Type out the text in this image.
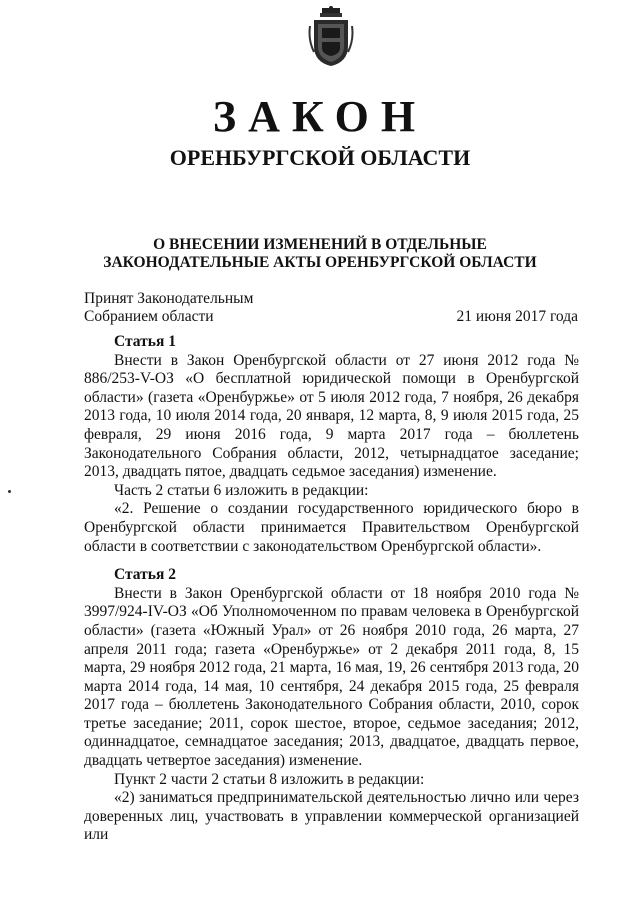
ЗАКОН
ОРЕНБУРГСКОЙ ОБЛАСТИ
О ВНЕСЕНИИ ИЗМЕНЕНИЙ В ОТДЕЛЬНЫЕ
ЗАКОНОДАТЕЛЬНЫЕ АКТЫ ОРЕНБУРГСКОЙ ОБЛАСТИ
Принят Законодательным
Собранием области	21 июня 2017 года

Статья 1

Внести в Закон Оренбургской области от 27 июня 2012 года № 886/253-V-ОЗ «О бесплатной юридической помощи в Оренбургской области» (газета «Оренбуржье» от 5 июля 2012 года, 7 ноября, 26 декабря 2013 года, 10 июля 2014 года, 20 января, 12 марта, 8, 9 июля 2015 года, 25 февраля, 29 июня 2016 года, 9 марта 2017 года – бюллетень Законодательного Собрания области, 2012, четырнадцатое заседание; 2013, двадцать пятое, двадцать седьмое заседания) изменение.

Часть 2 статьи 6 изложить в редакции:

«2. Решение о создании государственного юридического бюро в Оренбургской области принимается Правительством Оренбургской области в соответствии с законодательством Оренбургской области».

Статья 2

Внести в Закон Оренбургской области от 18 ноября 2010 года № 3997/924-IV-ОЗ «Об Уполномоченном по правам человека в Оренбургской области» (газета «Южный Урал» от 26 ноября 2010 года, 26 марта, 27 апреля 2011 года; газета «Оренбуржье» от 2 декабря 2011 года, 8, 15 марта, 29 ноября 2012 года, 21 марта, 16 мая, 19, 26 сентября 2013 года, 20 марта 2014 года, 14 мая, 10 сентября, 24 декабря 2015 года, 25 февраля 2017 года – бюллетень Законодательного Собрания области, 2010, сорок третье заседание; 2011, сорок шестое, второе, седьмое заседания; 2012, одиннадцатое, семнадцатое заседания; 2013, двадцатое, двадцать первое, двадцать четвертое заседания) изменение.

Пункт 2 части 2 статьи 8 изложить в редакции:

«2) заниматься предпринимательской деятельностью лично или через доверенных лиц, участвовать в управлении коммерческой организацией или
